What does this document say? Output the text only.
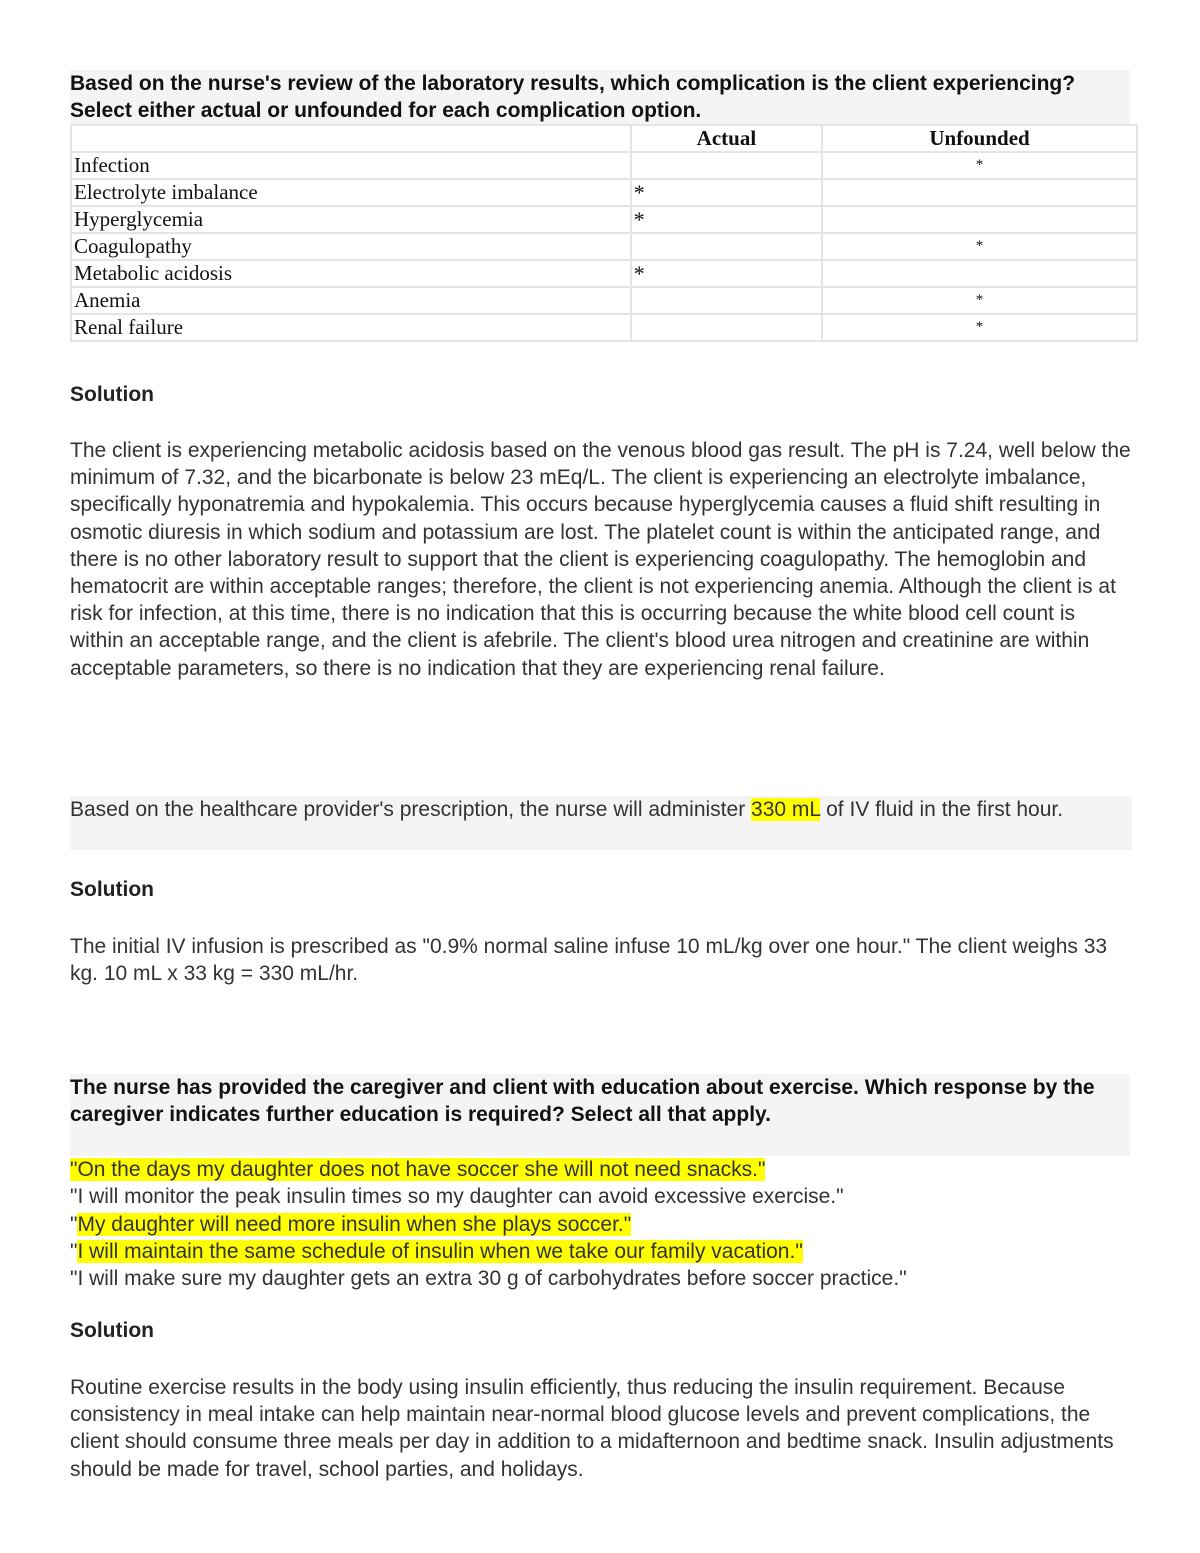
Based on the nurse's review of the laboratory results, which complication is the client experiencing? Select either actual or unfounded for each complication option.
	Actual	Unfounded
Infection		*
Electrolyte imbalance	*	
Hyperglycemia	*	
Coagulopathy		*
Metabolic acidosis	*	
Anemia		*
Renal failure		*
Solution
The client is experiencing metabolic acidosis based on the venous blood gas result. The pH is 7.24, well below the minimum of 7.32, and the bicarbonate is below 23 mEq/L. The client is experiencing an electrolyte imbalance, specifically hyponatremia and hypokalemia. This occurs because hyperglycemia causes a fluid shift resulting in osmotic diuresis in which sodium and potassium are lost. The platelet count is within the anticipated range, and there is no other laboratory result to support that the client is experiencing coagulopathy. The hemoglobin and hematocrit are within acceptable ranges; therefore, the client is not experiencing anemia. Although the client is at risk for infection, at this time, there is no indication that this is occurring because the white blood cell count is within an acceptable range, and the client is afebrile. The client's blood urea nitrogen and creatinine are within acceptable parameters, so there is no indication that they are experiencing renal failure.
Based on the healthcare provider's prescription, the nurse will administer 330 mL of IV fluid in the first hour.
Solution
The initial IV infusion is prescribed as "0.9% normal saline infuse 10 mL/kg over one hour." The client weighs 33 kg. 10 mL x 33 kg = 330 mL/hr.
The nurse has provided the caregiver and client with education about exercise. Which response by the caregiver indicates further education is required? Select all that apply.
"On the days my daughter does not have soccer she will not need snacks."
"I will monitor the peak insulin times so my daughter can avoid excessive exercise."
"My daughter will need more insulin when she plays soccer."
"I will maintain the same schedule of insulin when we take our family vacation."
"I will make sure my daughter gets an extra 30 g of carbohydrates before soccer practice."
Solution
Routine exercise results in the body using insulin efficiently, thus reducing the insulin requirement. Because consistency in meal intake can help maintain near-normal blood glucose levels and prevent complications, the client should consume three meals per day in addition to a midafternoon and bedtime snack. Insulin adjustments should be made for travel, school parties, and holidays.
